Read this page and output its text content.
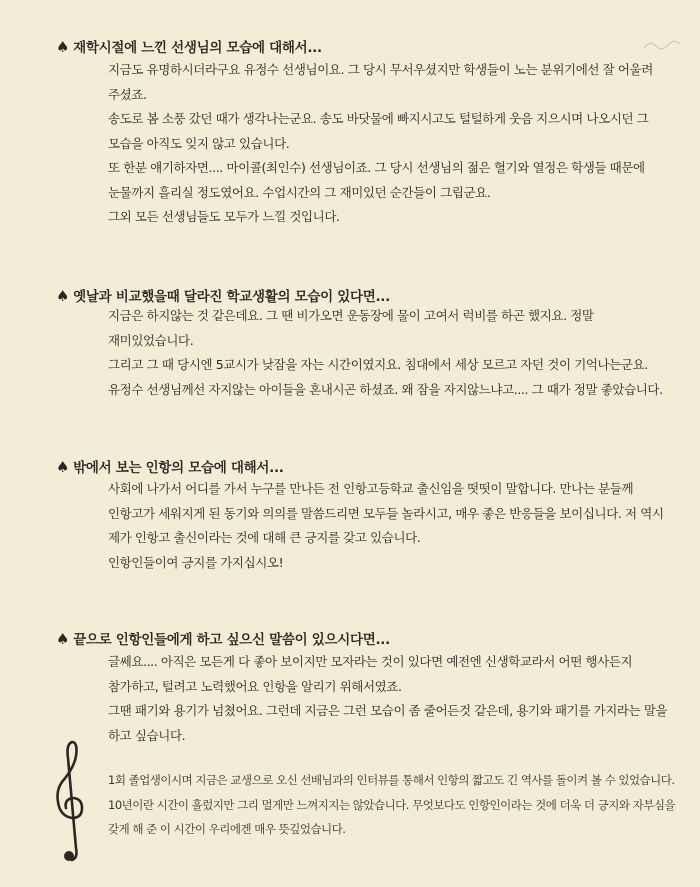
♠ 재학시절에 느낀 선생님의 모습에 대해서...

지금도 유명하시더라구요 유정수 선생님이요. 그 당시 무서우셨지만 학생들이 노는 분위기에선 잘 어울려 주셨죠.

송도로 봄 소풍 갔던 때가 생각나는군요. 송도 바닷물에 빠지시고도 털털하게 웃음 지으시며 나오시던 그 모습을 아직도 잊지 않고 있습니다.

또 한분 얘기하자면.... 마이콜(최인수) 선생님이죠. 그 당시 선생님의 젊은 혈기와 열정은 학생들 때문에 눈물까지 흘리실 정도였어요. 수업시간의 그 재미있던 순간들이 그립군요.

그외 모든 선생님들도 모두가 느낄 것입니다.

♠ 옛날과 비교했을때 달라진 학교생활의 모습이 있다면...

지금은 하지않는 것 같은데요. 그 땐 비가오면 운동장에 물이 고여서 럭비를 하곤 했지요. 정말 재미있었습니다.

그리고 그 때 당시엔 5교시가 낮잠을 자는 시간이였지요. 침대에서 세상 모르고 자던 것이 기억나는군요. 유정수 선생님께선 자지않는 아이들을 혼내시곤 하셨죠. 왜 잠을 자지않느냐고.... 그 때가 정말 좋았습니다.

♠ 밖에서 보는 인항의 모습에 대해서...

사회에 나가서 어디를 가서 누구를 만나든 전 인항고등학교 출신임을 떳떳이 말합니다. 만나는 분들께 인항고가 세워지게 된 동기와 의의를 말씀드리면 모두들 놀라시고, 매우 좋은 반응들을 보이십니다. 저 역시 제가 인항고 출신이라는 것에 대해 큰 긍지를 갖고 있습니다.

인항인들이여 긍지를 가지십시오!

♠ 끝으로 인항인들에게 하고 싶으신 말씀이 있으시다면...

글쎄요.... 아직은 모든게 다 좋아 보이지만 모자라는 것이 있다면 예전엔 신생학교라서 어떤 행사든지 참가하고, 털려고 노력했어요 인항을 알리기 위해서였죠.

그땐 패기와 용기가 넘쳤어요. 그런데 지금은 그런 모습이 좀 줄어든것 같은데, 용기와 패기를 가지라는 말을 하고 싶습니다.

1회 졸업생이시며 지금은 교생으로 오신 선배님과의 인터뷰를 통해서 인항의 짧고도 긴 역사를 돌이켜 볼 수 있었습니다.

10년이란 시간이 흘렀지만 그리 멀게만 느껴지지는 않았습니다. 무엇보다도 인항인이라는 것에 더욱 더 긍지와 자부심을 갖게 해 준 이 시간이 우리에겐 매우 뜻깊었습니다.
